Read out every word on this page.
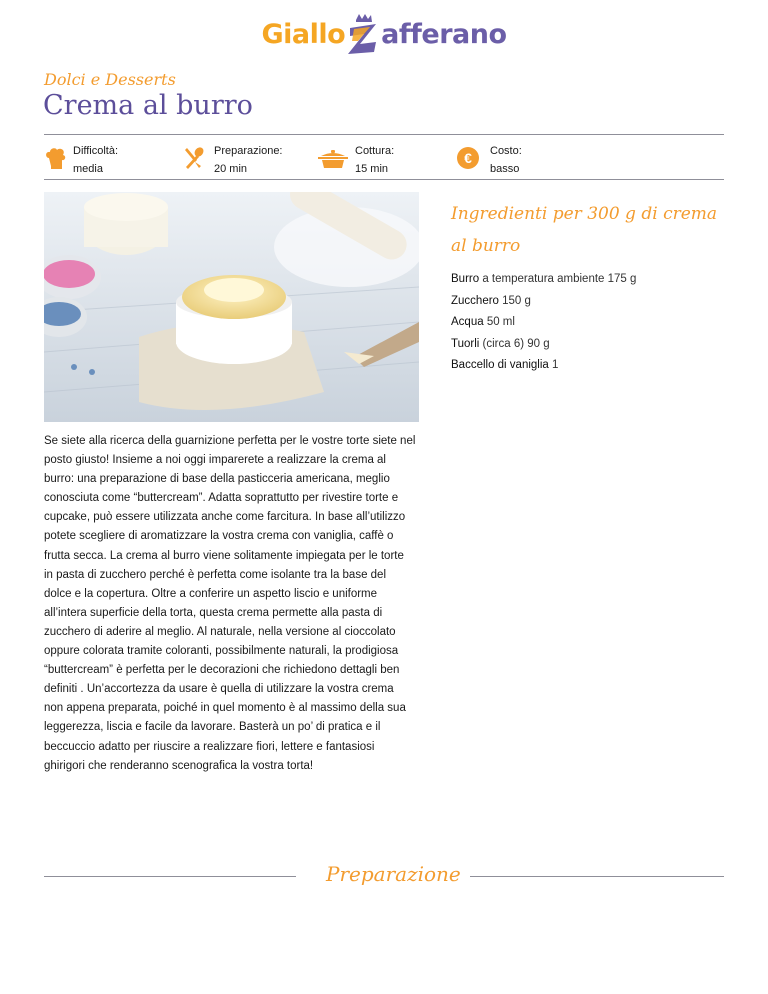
Giallo afferano
Dolci e Desserts
Crema al burro
Difficoltà:
media
Preparazione:
20 min
Cottura:
15 min
€	Costo:
basso
Ingredienti per 300 g di crema al burro
Burro a temperatura ambiente 175 g
Zucchero 150 g
Acqua 50 ml
Tuorli (circa 6) 90 g
Baccello di vaniglia 1
Se siete alla ricerca della guarnizione perfetta per le vostre torte siete nel posto giusto! Insieme a noi oggi imparerete a realizzare la crema al burro: una preparazione di base della pasticceria americana, meglio conosciuta come “buttercream”. Adatta soprattutto per rivestire torte e cupcake, può essere utilizzata anche come farcitura. In base all’utilizzo potete scegliere di aromatizzare la vostra crema con vaniglia, caffè o frutta secca. La crema al burro viene solitamente impiegata per le torte in pasta di zucchero perché è perfetta come isolante tra la base del dolce e la copertura. Oltre a conferire un aspetto liscio e uniforme all’intera superficie della torta, questa crema permette alla pasta di zucchero di aderire al meglio. Al naturale, nella versione al cioccolato oppure colorata tramite coloranti, possibilmente naturali, la prodigiosa “buttercream” è perfetta per le decorazioni che richiedono dettagli ben definiti . Un’accortezza da usare è quella di utilizzare la vostra crema non appena preparata, poiché in quel momento è al massimo della sua leggerezza, liscia e facile da lavorare. Basterà un po’ di pratica e il beccuccio adatto per riuscire a realizzare fiori, lettere e fantasiosi ghirigori che renderanno scenografica la vostra torta!
Preparazione
